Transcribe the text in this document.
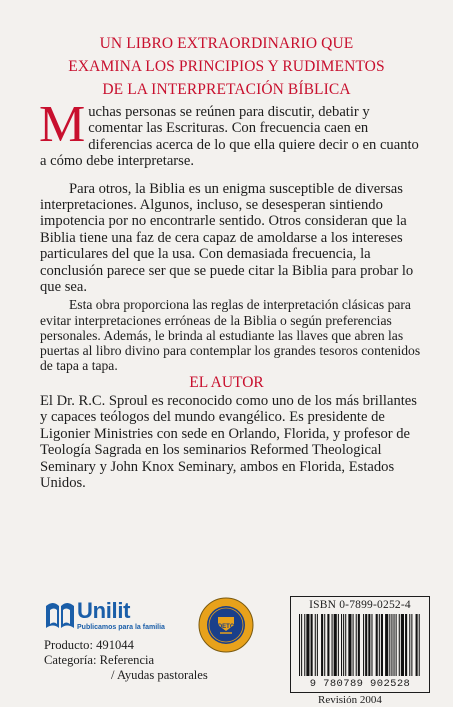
UN LIBRO EXTRAORDINARIO QUE
EXAMINA LOS PRINCIPIOS Y RUDIMENTOS
DE LA INTERPRETACIÓN BÍBLICA

Muchas personas se reúnen para discutir, debatir y comentar las Escrituras. Con frecuencia caen en diferencias acerca de lo que ella quiere decir o en cuanto a cómo debe interpretarse.

Para otros, la Biblia es un enigma susceptible de diversas interpretaciones. Algunos, incluso, se desesperan sintiendo impotencia por no encontrarle sentido. Otros consideran que la Biblia tiene una faz de cera capaz de amoldarse a los intereses particulares del que la usa. Con demasiada frecuencia, la conclusión parece ser que se puede citar la Biblia para probar lo que sea.

Esta obra proporciona las reglas de interpretación clásicas para evitar interpretaciones erróneas de la Biblia o según preferencias personales. Además, le brinda al estudiante las llaves que abren las puertas al libro divino para contemplar los grandes tesoros contenidos de tapa a tapa.

EL AUTOR

El Dr. R.C. Sproul es reconocido como uno de los más brillantes y capaces teólogos del mundo evangélico. Es presidente de Ligonier Ministries con sede en Orlando, Florida, y profesor de Teología Sagrada en los seminarios Reformed Theological Seminary y John Knox Seminary, ambos en Florida, Estados Unidos.

Unilit
Publicamos para la familia
Producto: 491044
Categoría: Referencia
/ Ayudas pastorales
DETC
ISBN 0-7899-0252-4
9 780789 902528
Revisión 2004
